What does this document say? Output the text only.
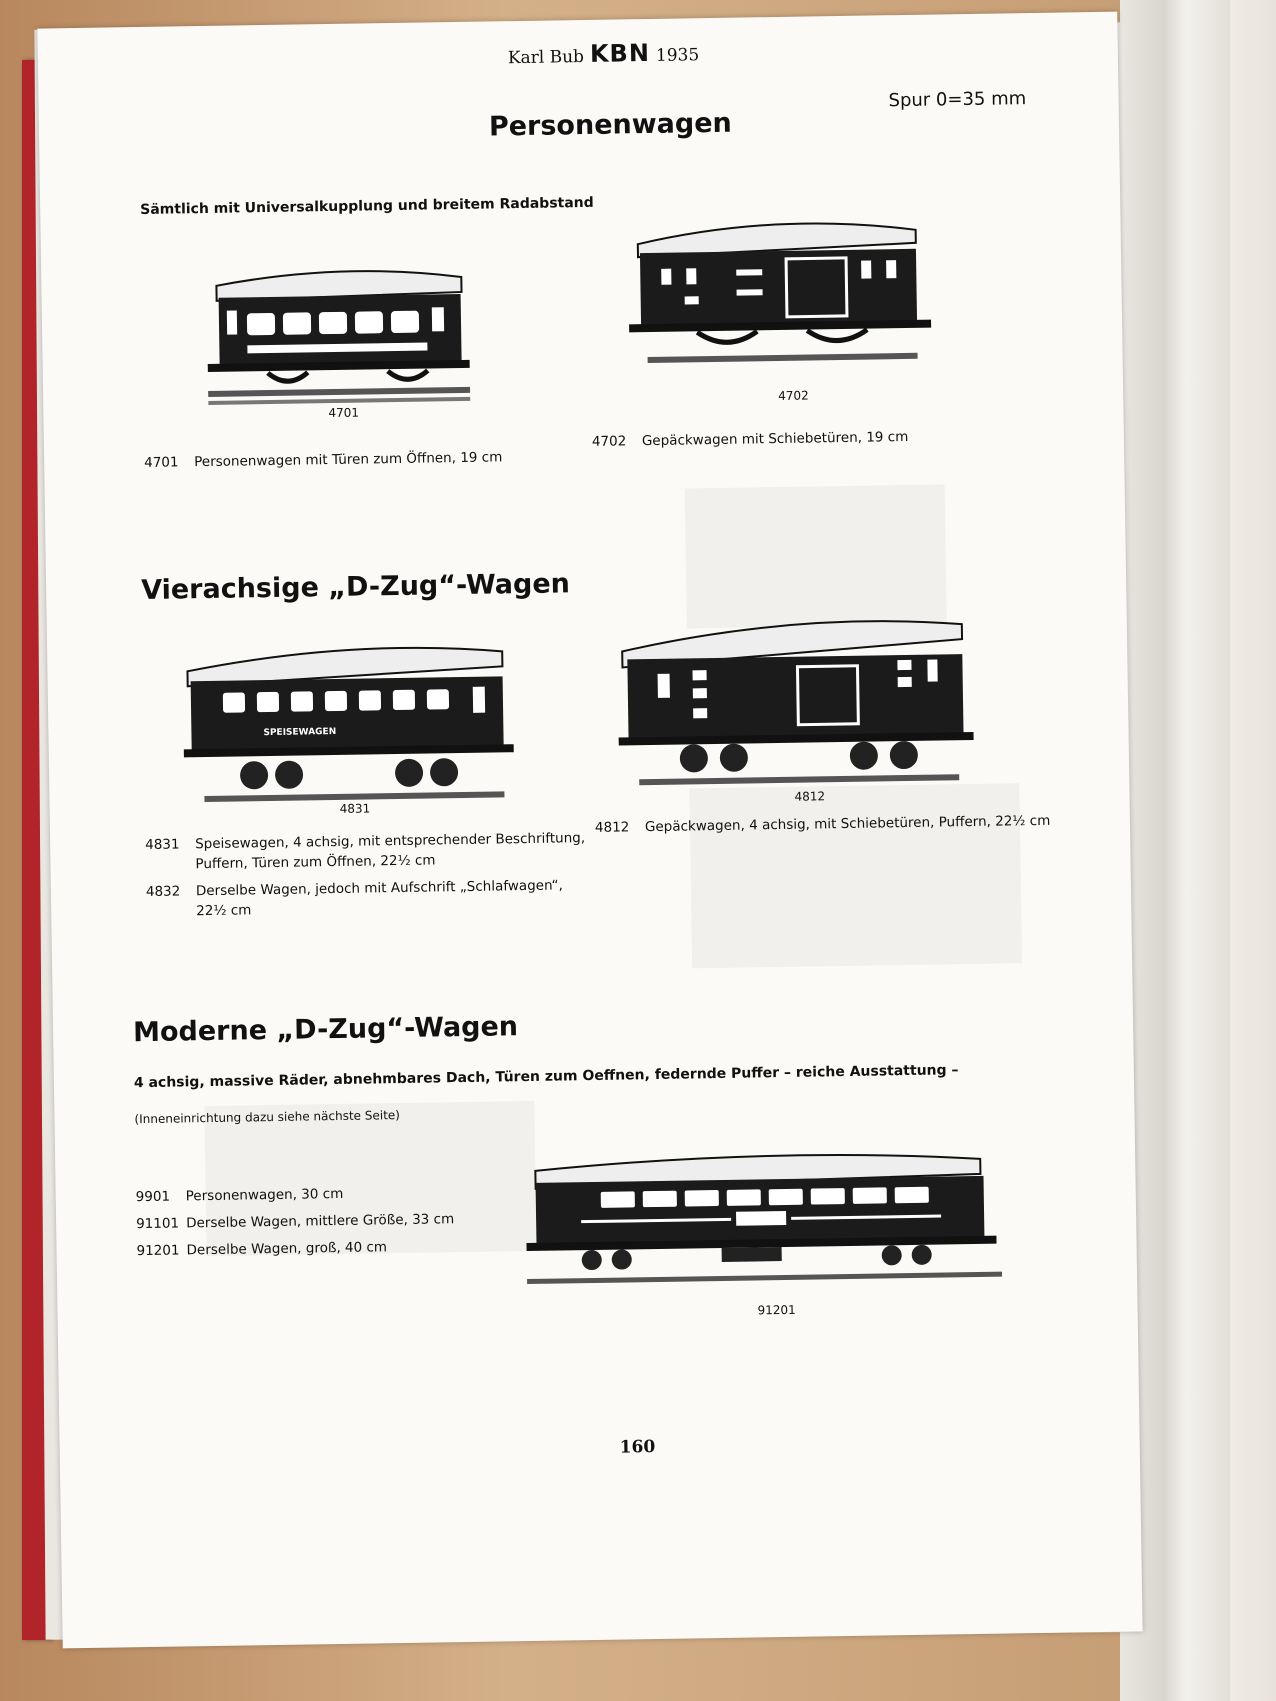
Karl Bub KBN 1935
Spur 0=35 mm
Personenwagen
Sämtlich mit Universalkupplung und breitem Radabstand
4701
4702
4701 Personenwagen mit Türen zum Öffnen, 19 cm
4702 Gepäckwagen mit Schiebetüren, 19 cm
Vierachsige „D-Zug“-Wagen
SPEISEWAGEN
4831
4812
4831 Speisewagen, 4 achsig, mit entsprechender Beschriftung,
Puffern, Türen zum Öffnen, 22½ cm
4832 Derselbe Wagen, jedoch mit Aufschrift „Schlafwagen“,
22½ cm
4812 Gepäckwagen, 4 achsig, mit Schiebetüren, Puffern, 22½ cm
Moderne „D-Zug“-Wagen
4 achsig, massive Räder, abnehmbares Dach, Türen zum Oeffnen, federnde Puffer – reiche Ausstattung –
(Inneneinrichtung dazu siehe nächste Seite)
9901 Personenwagen, 30 cm
91101 Derselbe Wagen, mittlere Größe, 33 cm
91201 Derselbe Wagen, groß, 40 cm
91201
160
